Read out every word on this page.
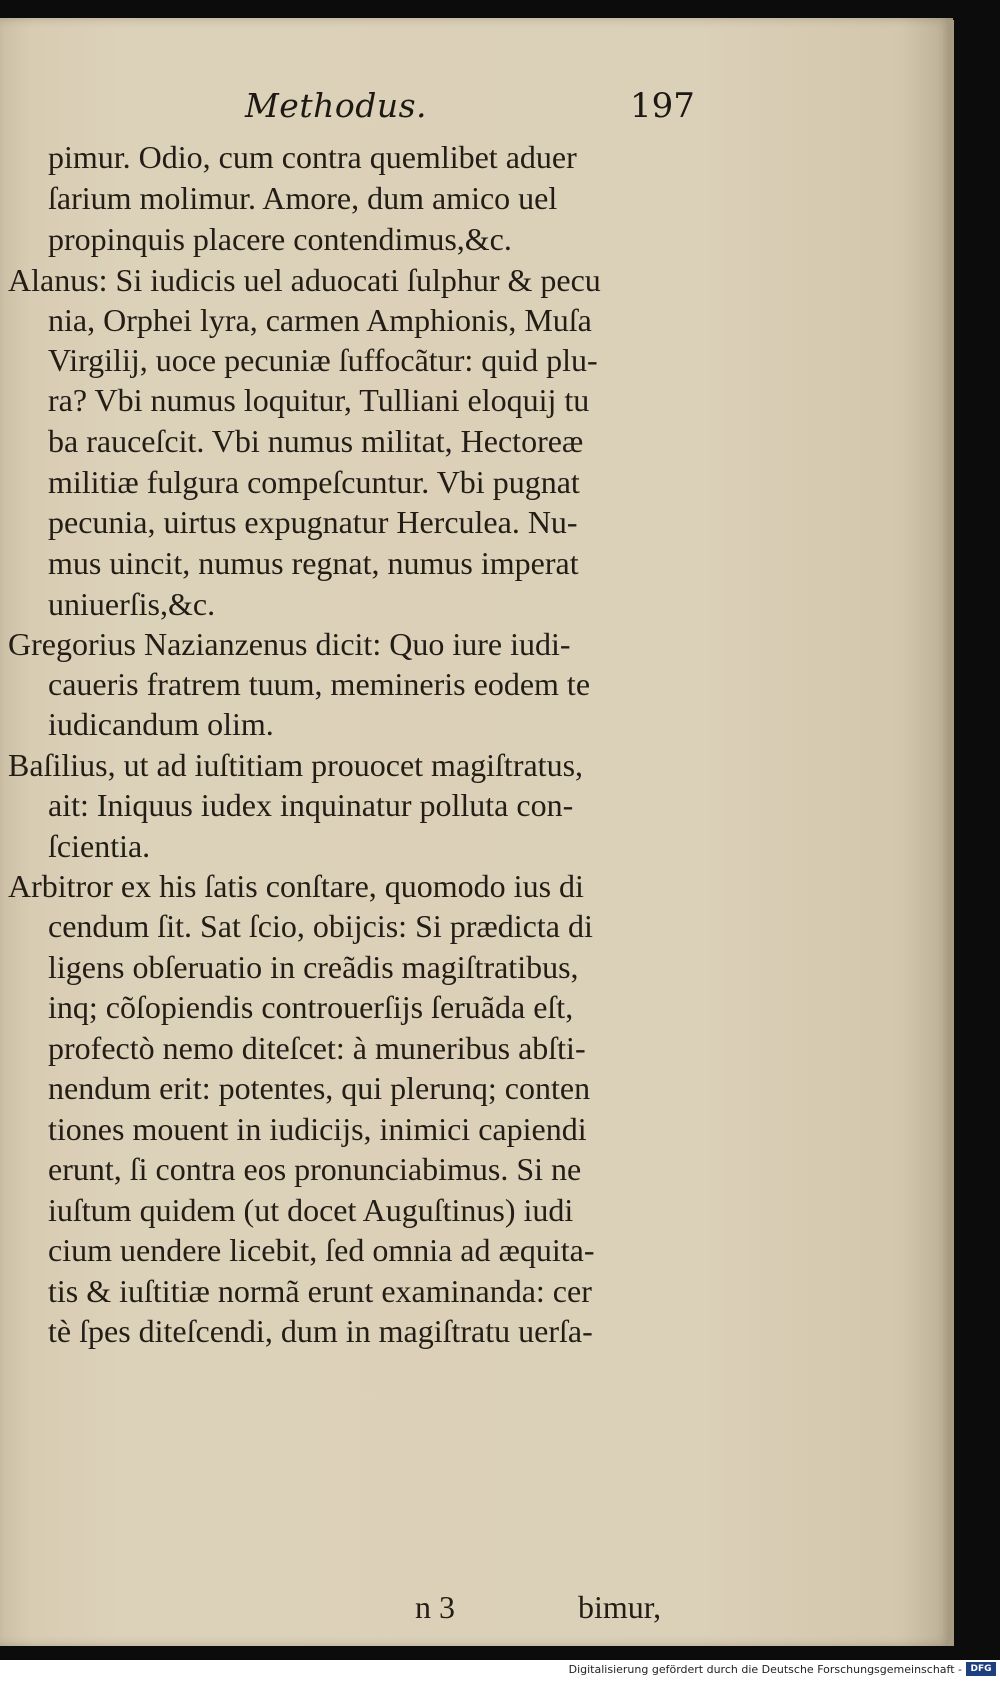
Methodus.	197
pimur. Odio, cum contra quemlibet aduer
ſarium molimur. Amore, dum amico uel
propinquis placere contendimus,&c.
Alanus: Si iudicis uel aduocati ſulphur & pecu
nia, Orphei lyra, carmen Amphionis, Muſa
Virgilij, uoce pecuniæ ſuffocãtur: quid plu-
ra? Vbi numus loquitur, Tulliani eloquij tu
ba raucеſcit. Vbi numus militat, Hectoreæ
militiæ fulgura compeſcuntur. Vbi pugnat
pecunia, uirtus expugnatur Herculea. Nu-
mus uincit, numus regnat, numus imperat
uniuerſis,&c.
Gregorius Nazianzenus dicit: Quo iure iudi-
caueris fratrem tuum, memineris eodem te
iudicandum olim.
Baſilius, ut ad iuſtitiam prouocet magiſtratus,
ait: Iniquus iudex inquinatur polluta con-
ſcientia.
Arbitror ex his ſatis conſtare, quomodo ius di
cendum ſit. Sat ſcio, obijcis: Si prædicta di
ligens obſeruatio in creãdis magiſtratibus,
inq; cõſopiendis controuerſijs ſeruãda eſt,
profectò nemo diteſcet: à muneribus abſti-
nendum erit: potentes, qui plerunq; conten
tiones mouent in iudicijs, inimici capiendi
erunt, ſi contra eos pronunciabimus. Si ne
iuſtum quidem (ut docet Auguſtinus) iudi
cium uendere licebit, ſed omnia ad æquita-
tis & iuſtitiæ normã erunt examinanda: cer
tè ſpes diteſcendi, dum in magiſtratu uerſa-
n 3	bimur,
Digitalisierung gefördert durch die Deutsche Forschungsgemeinschaft - DFG
